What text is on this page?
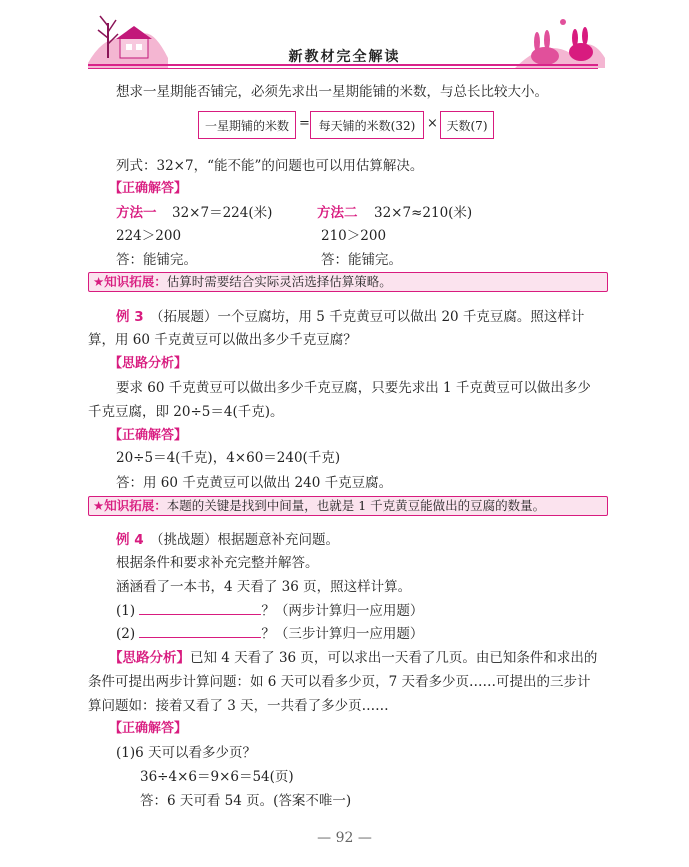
新教材完全解读
想求一星期能否铺完，必须先求出一星期能铺的米数，与总长比较大小。
一星期铺的米数 = 每天铺的米数(32) × 天数(7)
列式：32×7，“能不能”的问题也可以用估算解决。
【正确解答】
方法一 32×7＝224(米)
224＞200
答：能铺完。
方法二 32×7≈210(米)
210＞200
答：能铺完。
★知识拓展：估算时需要结合实际灵活选择估算策略。
例 3 （拓展题）一个豆腐坊，用 5 千克黄豆可以做出 20 千克豆腐。照这样计
算，用 60 千克黄豆可以做出多少千克豆腐？
【思路分析】
要求 60 千克黄豆可以做出多少千克豆腐，只要先求出 1 千克黄豆可以做出多少
千克豆腐，即 20÷5＝4(千克)。
【正确解答】
20÷5＝4(千克)，4×60＝240(千克)
答：用 60 千克黄豆可以做出 240 千克豆腐。
★知识拓展：本题的关键是找到中间量，也就是 1 千克黄豆能做出的豆腐的数量。
例 4 （挑战题）根据题意补充问题。
根据条件和要求补充完整并解答。
涵涵看了一本书，4 天看了 36 页，照这样计算。
(1)	？（两步计算归一应用题）
(2)	？（三步计算归一应用题）
【思路分析】已知 4 天看了 36 页，可以求出一天看了几页。由已知条件和求出的
条件可提出两步计算问题：如 6 天可以看多少页，7 天看多少页……可提出的三步计
算问题如：接着又看了 3 天，一共看了多少页……
【正确解答】
(1)6 天可以看多少页？
36÷4×6＝9×6＝54(页)
答：6 天可看 54 页。(答案不唯一)
— 92 —
